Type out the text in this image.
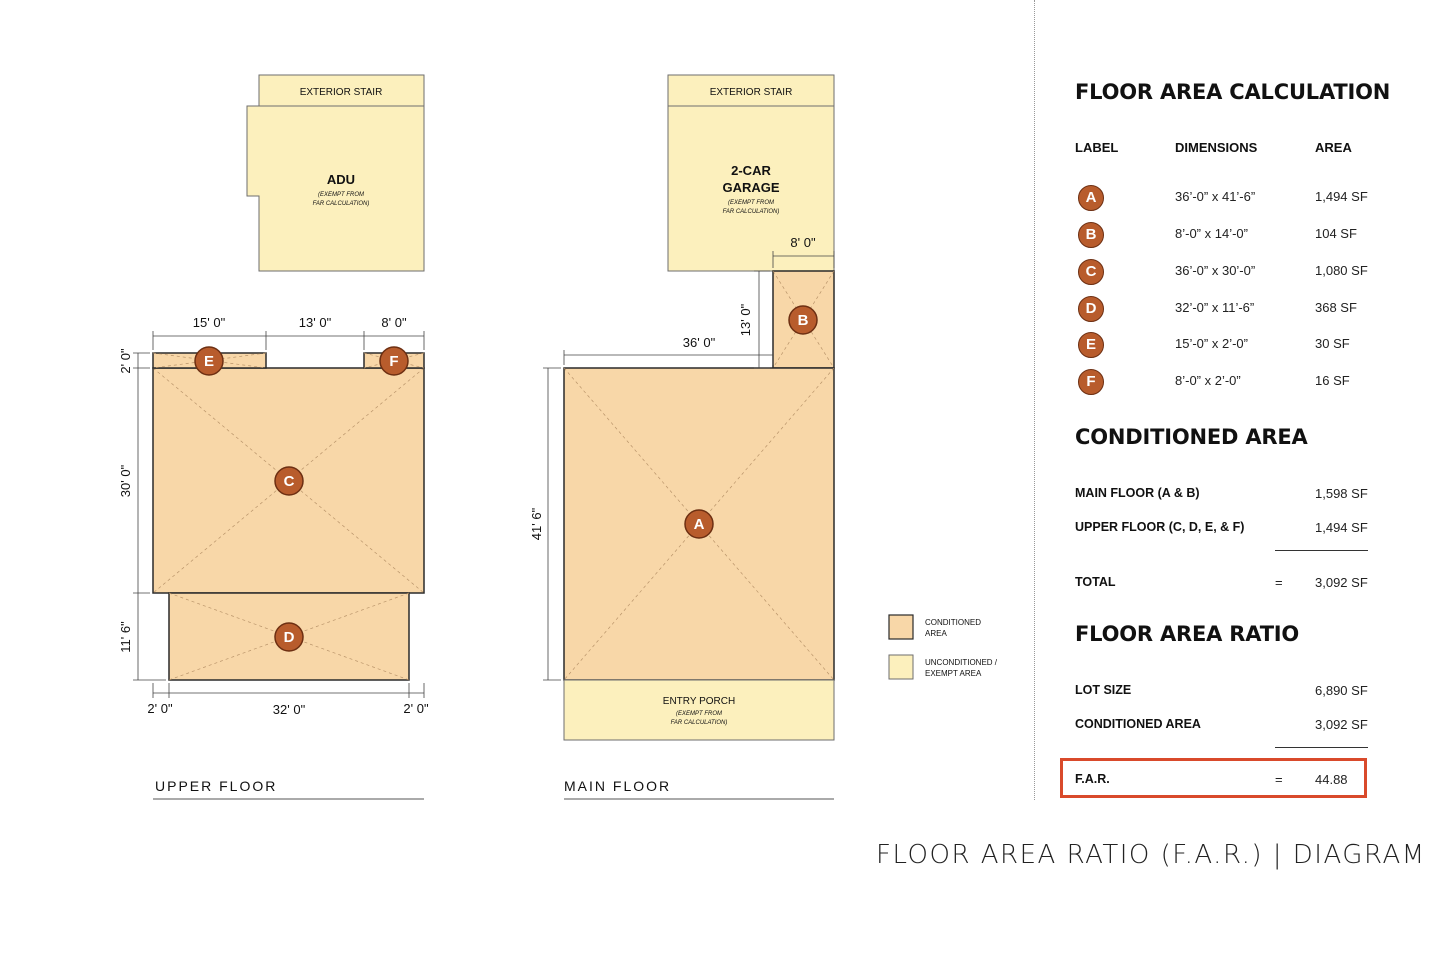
EXTERIOR STAIR
ADU
(EXEMPT FROM
FAR CALCULATION)
15' 0"	13' 0"	8' 0"
2' 0"
30' 0"
11' 6"
2' 0"	32' 0"	2' 0"
E	F
C
D
UPPER FLOOR
EXTERIOR STAIR
2-CAR
GARAGE
(EXEMPT FROM
FAR CALCULATION)
ENTRY PORCH
(EXEMPT FROM
FAR CALCULATION)
36' 0"
41' 6"
8' 0"
13' 0"	B
A
MAIN FLOOR
CONDITIONED
AREA
UNCONDITIONED /
EXEMPT AREA
FLOOR AREA CALCULATION
LABEL	DIMENSIONS	AREA
A	36’-0” x 41’-6”	1,494 SF
B	8’-0” x 14’-0”	104 SF
C	36’-0” x 30’-0”	1,080 SF
D	32’-0” x 11’-6”	368 SF
E	15’-0” x 2’-0”	30 SF
F	8’-0” x 2’-0”	16 SF
CONDITIONED AREA
MAIN FLOOR (A & B)	1,598 SF
UPPER FLOOR (C, D, E, & F)	1,494 SF
TOTAL	= 3,092 SF
FLOOR AREA RATIO
LOT SIZE	6,890 SF
CONDITIONED AREA	3,092 SF
F.A.R.	= 44.88
FLOOR AREA RATIO (F.A.R.) | DIAGRAM
